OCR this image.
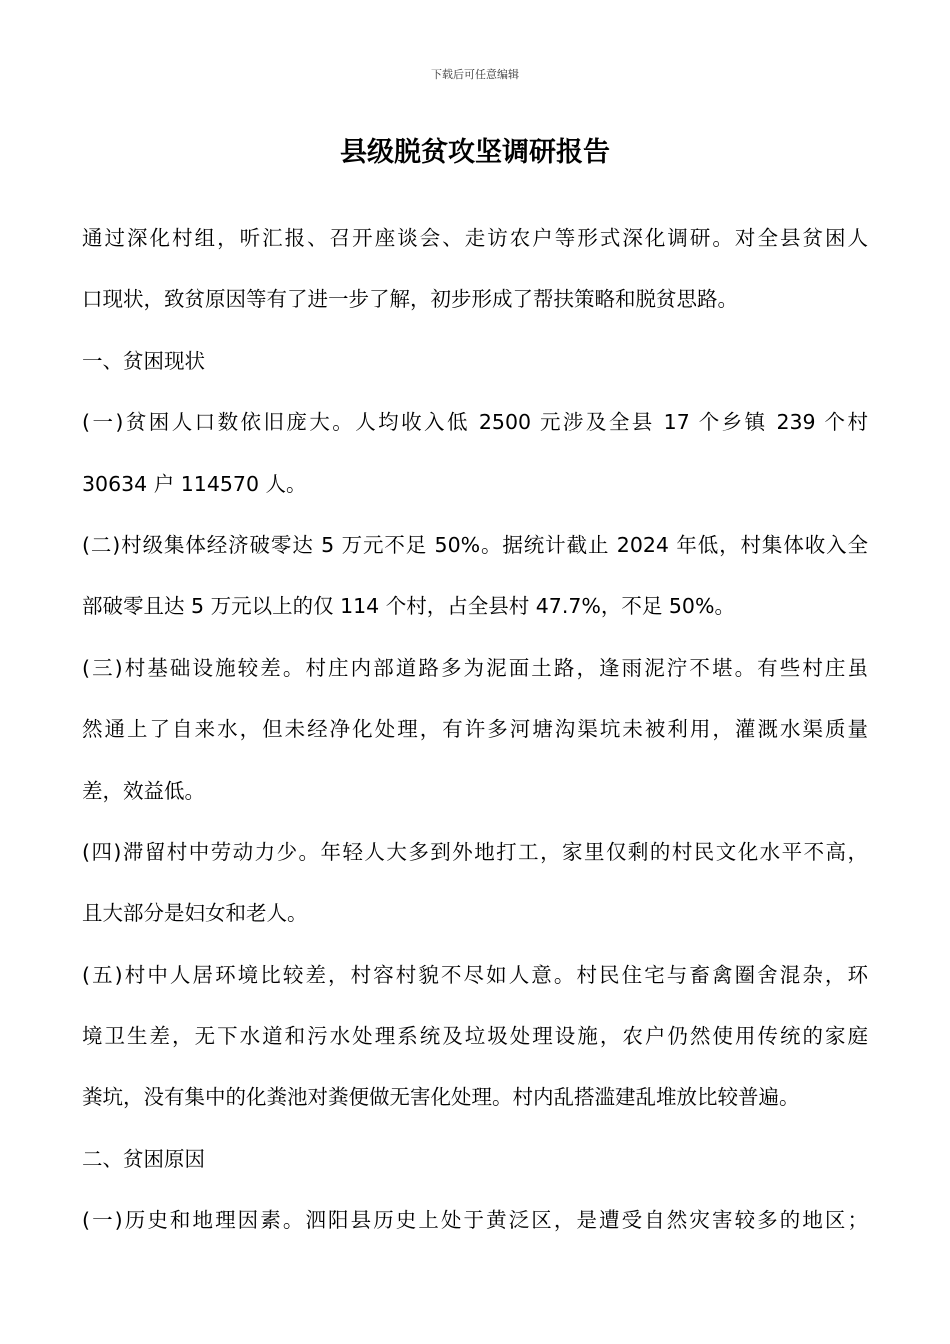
下载后可任意编辑
县级脱贫攻坚调研报告
通过深化村组，听汇报、召开座谈会、走访农户等形式深化调研。对全县贫困人
口现状，致贫原因等有了进一步了解，初步形成了帮扶策略和脱贫思路。
一、贫困现状
(一)贫困人口数依旧庞大。人均收入低 2500 元涉及全县 17 个乡镇 239 个村
30634 户 114570 人。
(二)村级集体经济破零达 5 万元不足 50%。据统计截止 2024 年低，村集体收入全
部破零且达 5 万元以上的仅 114 个村，占全县村 47.7%，不足 50%。
(三)村基础设施较差。村庄内部道路多为泥面土路，逢雨泥泞不堪。有些村庄虽
然通上了自来水，但未经净化处理，有许多河塘沟渠坑未被利用，灌溉水渠质量
差，效益低。
(四)滞留村中劳动力少。年轻人大多到外地打工，家里仅剩的村民文化水平不高，
且大部分是妇女和老人。
(五)村中人居环境比较差，村容村貌不尽如人意。村民住宅与畜禽圈舍混杂，环
境卫生差，无下水道和污水处理系统及垃圾处理设施，农户仍然使用传统的家庭
粪坑，没有集中的化粪池对粪便做无害化处理。村内乱搭滥建乱堆放比较普遍。
二、贫困原因
(一)历史和地理因素。泗阳县历史上处于黄泛区，是遭受自然灾害较多的地区；
